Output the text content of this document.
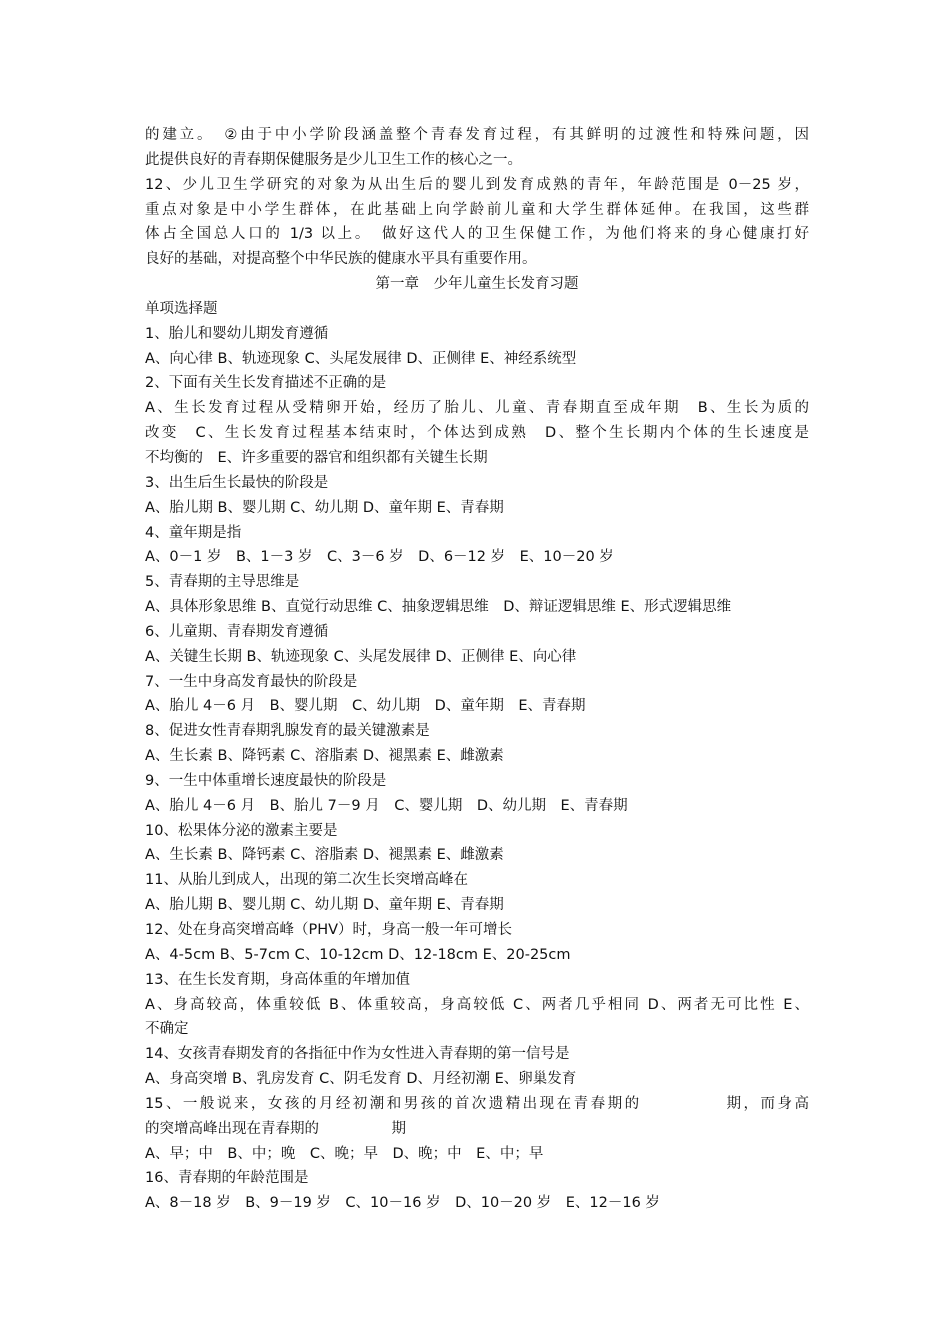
的建立。　②由于中小学阶段涵盖整个青春发育过程，有其鲜明的过渡性和特殊问题，因
此提供良好的青春期保健服务是少儿卫生工作的核心之一。
12、少儿卫生学研究的对象为从出生后的婴儿到发育成熟的青年，年龄范围是 0－25 岁，
重点对象是中小学生群体，在此基础上向学龄前儿童和大学生群体延伸。在我国，这些群
体占全国总人口的 1/3 以上。　做好这代人的卫生保健工作，为他们将来的身心健康打好
良好的基础，对提高整个中华民族的健康水平具有重要作用。
第一章　少年儿童生长发育习题
单项选择题
1、胎儿和婴幼儿期发育遵循
A、向心律 B、轨迹现象 C、头尾发展律 D、正侧律 E、神经系统型
2、下面有关生长发育描述不正确的是
A、生长发育过程从受精卵开始，经历了胎儿、儿童、青春期直至成年期　B、生长为质的
改变　C、生长发育过程基本结束时，个体达到成熟　D、整个生长期内个体的生长速度是
不均衡的　E、许多重要的器官和组织都有关键生长期
3、出生后生长最快的阶段是
A、胎儿期 B、婴儿期 C、幼儿期 D、童年期 E、青春期
4、童年期是指
A、0－1 岁　B、1－3 岁　C、3－6 岁　D、6－12 岁　E、10－20 岁
5、青春期的主导思维是
A、具体形象思维 B、直觉行动思维 C、抽象逻辑思维　D、辩证逻辑思维 E、形式逻辑思维
6、儿童期、青春期发育遵循
A、关键生长期 B、轨迹现象 C、头尾发展律 D、正侧律 E、向心律
7、一生中身高发育最快的阶段是
A、胎儿 4－6 月　B、婴儿期　C、幼儿期　D、童年期　E、青春期
8、促进女性青春期乳腺发育的最关键激素是
A、生长素 B、降钙素 C、溶脂素 D、褪黑素 E、雌激素
9、一生中体重增长速度最快的阶段是
A、胎儿 4－6 月　B、胎儿 7－9 月　C、婴儿期　D、幼儿期　E、青春期
10、松果体分泌的激素主要是
A、生长素 B、降钙素 C、溶脂素 D、褪黑素 E、雌激素
11、从胎儿到成人，出现的第二次生长突增高峰在
A、胎儿期 B、婴儿期 C、幼儿期 D、童年期 E、青春期
12、处在身高突增高峰（PHV）时，身高一般一年可增长
A、4-5cm B、5-7cm C、10-12cm D、12-18cm E、20-25cm
13、在生长发育期，身高体重的年增加值
A、身高较高，体重较低 B、体重较高，身高较低 C、两者几乎相同 D、两者无可比性 E、
不确定
14、女孩青春期发育的各指征中作为女性进入青春期的第一信号是
A、身高突增 B、乳房发育 C、阴毛发育 D、月经初潮 E、卵巢发育
15、一般说来，女孩的月经初潮和男孩的首次遗精出现在青春期的　　　　　期，而身高
的突增高峰出现在青春期的　　　　　期
A、早；中　B、中；晚　C、晚；早　D、晚；中　E、中；早
16、青春期的年龄范围是
A、8－18 岁　B、9－19 岁　C、10－16 岁　D、10－20 岁　E、12－16 岁
